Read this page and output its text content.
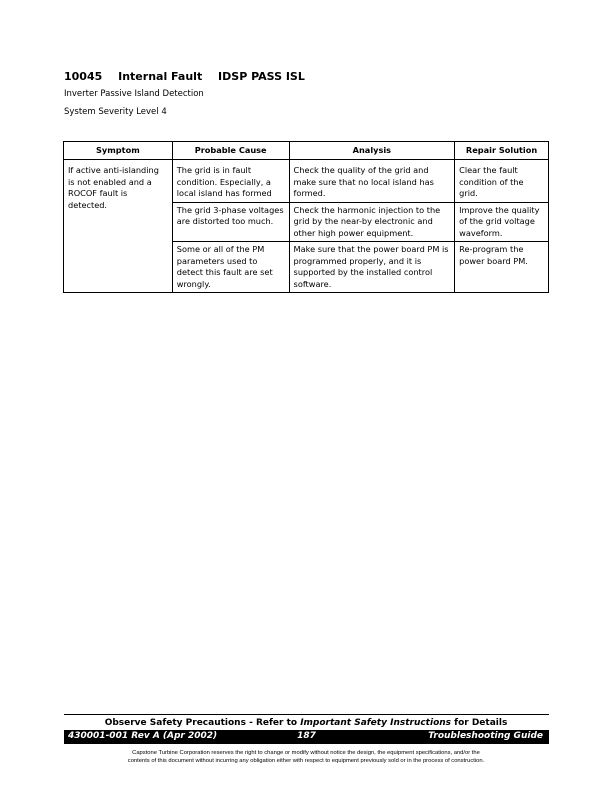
10045 Internal Fault IDSP PASS ISL
Inverter Passive Island Detection
System Severity Level 4
Symptom	Probable Cause	Analysis	Repair Solution
If active anti-islanding is not enabled and a ROCOF fault is detected.	The grid is in fault condition. Especially, a local island has formed	Check the quality of the grid and make sure that no local island has formed.	Clear the fault condition of the grid.
	The grid 3-phase voltages are distorted too much.	Check the harmonic injection to the grid by the near-by electronic and other high power equipment.	Improve the quality of the grid voltage waveform.
	Some or all of the PM parameters used to detect this fault are set wrongly.	Make sure that the power board PM is programmed properly, and it is supported by the installed control software.	Re-program the power board PM.
Observe Safety Precautions - Refer to Important Safety Instructions for Details
430001-001 Rev A (Apr 2002)	187	Troubleshooting Guide
Capstone Turbine Corporation reserves the right to change or modify without notice the design, the equipment specifications, and/or the
contents of this document without incurring any obligation either with respect to equipment previously sold or in the process of construction.
